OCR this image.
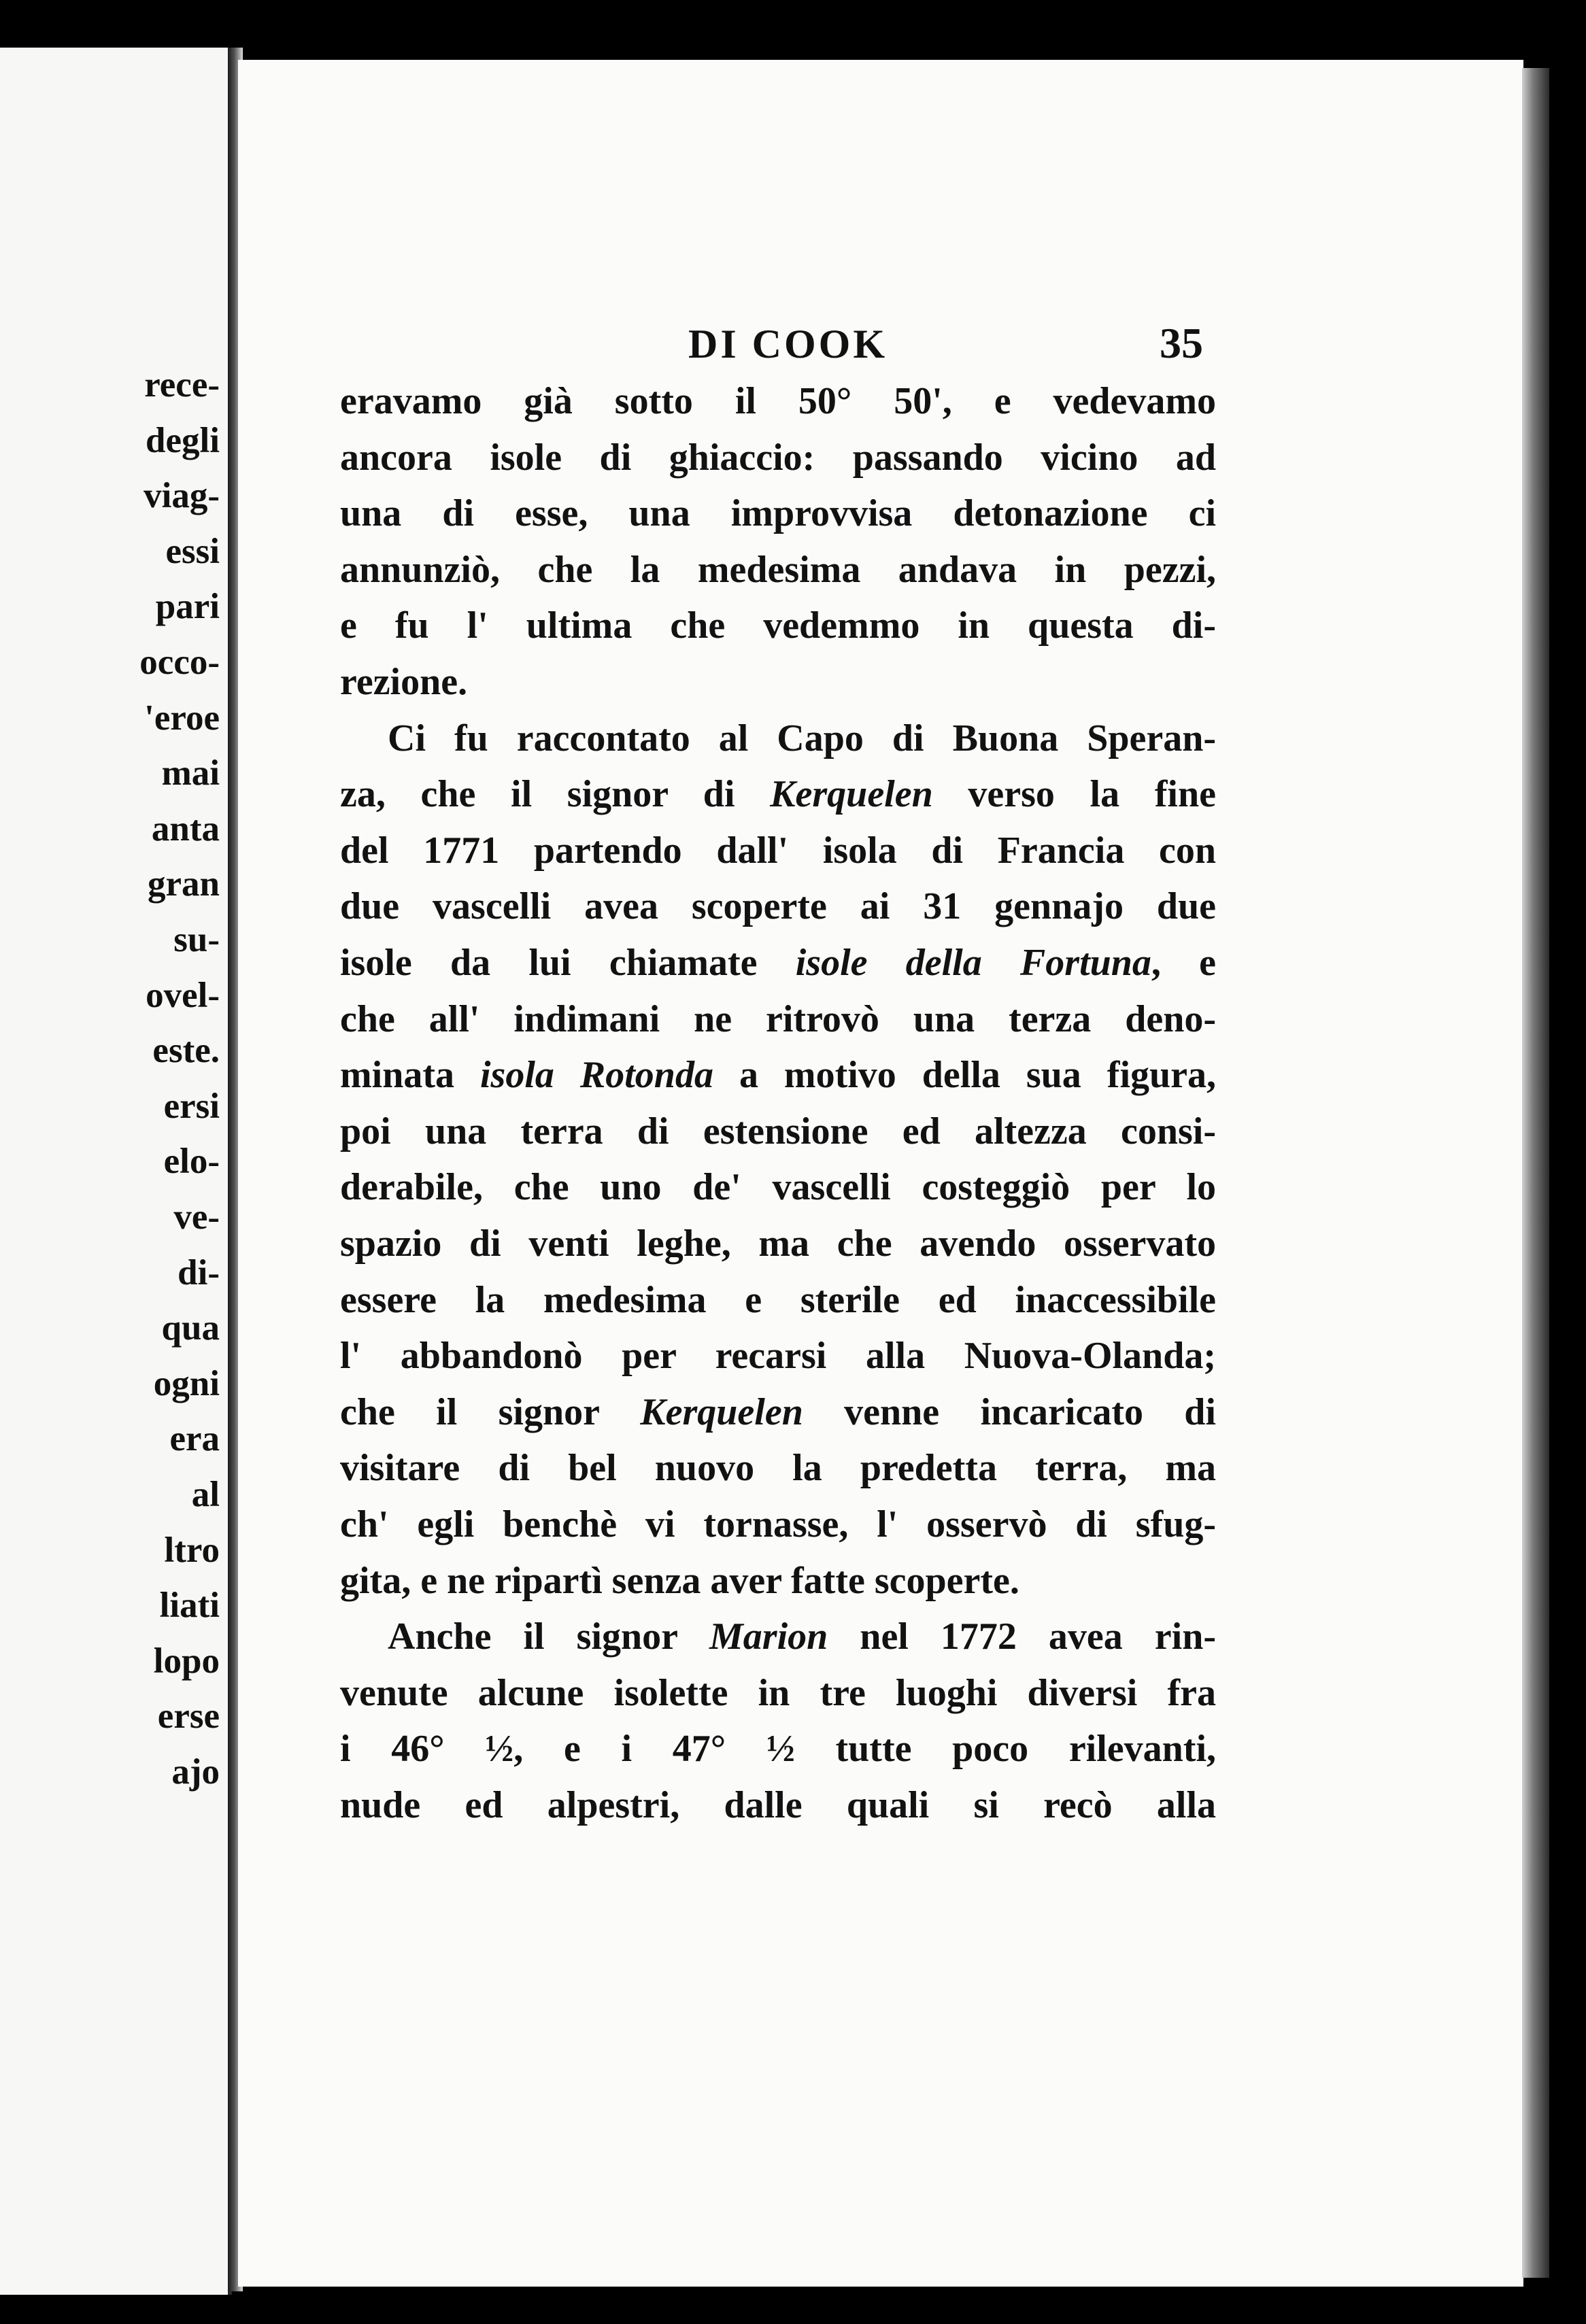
rece-

degli

viag-

essi

pari

occo-

'eroe

mai

anta

gran

su-

ovel-

este.

ersi

elo-

ve-

di-

qua

ogni

era

al

ltro

liati

lopo

erse

ajo

DI COOK	35

eravamo già sotto il 50° 50', e vedevamo

ancora isole di ghiaccio: passando vicino ad

una di esse, una improvvisa detonazione ci

annunziò, che la medesima andava in pezzi,

e fu l' ultima che vedemmo in questa di-

rezione.

Ci fu raccontato al Capo di Buona Speran-

za, che il signor di Kerquelen verso la fine

del 1771 partendo dall' isola di Francia con

due vascelli avea scoperte ai 31 gennajo due

isole da lui chiamate isole della Fortuna, e

che all' indimani ne ritrovò una terza deno-

minata isola Rotonda a motivo della sua figura,

poi una terra di estensione ed altezza consi-

derabile, che uno de' vascelli costeggiò per lo

spazio di venti leghe, ma che avendo osservato

essere la medesima e sterile ed inaccessibile

l' abbandonò per recarsi alla Nuova-Olanda;

che il signor Kerquelen venne incaricato di

visitare di bel nuovo la predetta terra, ma

ch' egli benchè vi tornasse, l' osservò di sfug-

gita, e ne ripartì senza aver fatte scoperte.

Anche il signor Marion nel 1772 avea rin-

venute alcune isolette in tre luoghi diversi fra

i 46° ½, e i 47° ½ tutte poco rilevanti,

nude ed alpestri, dalle quali si recò alla
